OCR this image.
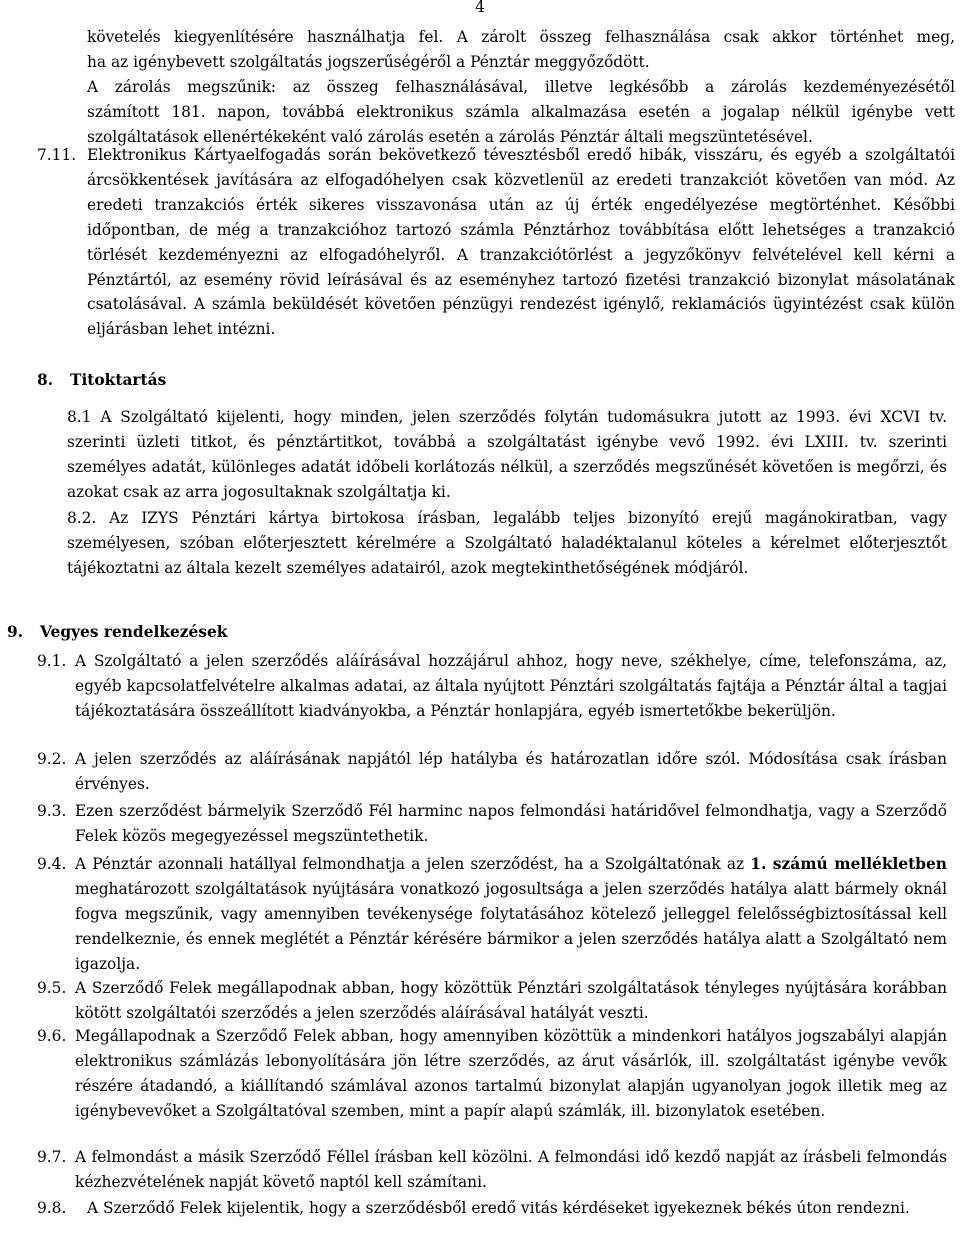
4
követelés kiegyenlítésére használhatja fel. A zárolt összeg felhasználása csak akkor történhet meg,
ha az igénybevett szolgáltatás jogszerűségéről a Pénztár meggyőződött.
A zárolás megszűnik: az összeg felhasználásával, illetve legkésőbb a zárolás kezdeményezésétől
számított 181. napon, továbbá elektronikus számla alkalmazása esetén a jogalap nélkül igénybe vett
szolgáltatások ellenértékeként való zárolás esetén a zárolás Pénztár általi megszüntetésével.
7.11. Elektronikus Kártyaelfogadás során bekövetkező tévesztésből eredő hibák, visszáru, és egyéb a szolgáltatói árcsökkentések javítására az elfogadóhelyen csak közvetlenül az eredeti tranzakciót követően van mód. Az eredeti tranzakciós érték sikeres visszavonása után az új érték engedélyezése megtörténhet. Későbbi időpontban, de még a tranzakcióhoz tartozó számla Pénztárhoz továbbítása előtt lehetséges a tranzakció törlését kezdeményezni az elfogadóhelyről. A tranzakciótörlést a jegyzőkönyv felvételével kell kérni a Pénztártól, az esemény rövid leírásával és az eseményhez tartozó fizetési tranzakció bizonylat másolatának csatolásával. A számla beküldését követően pénzügyi rendezést igénylő, reklamációs ügyintézést csak külön eljárásban lehet intézni.

8. Titoktartás

8.1 A Szolgáltató kijelenti, hogy minden, jelen szerződés folytán tudomásukra jutott az 1993. évi XCVI tv. szerinti üzleti titkot, és pénztártitkot, továbbá a szolgáltatást igénybe vevő 1992. évi LXIII. tv. szerinti személyes adatát, különleges adatát időbeli korlátozás nélkül, a szerződés megszűnését követően is megőrzi, és azokat csak az arra jogosultaknak szolgáltatja ki.

8.2. Az IZYS Pénztári kártya birtokosa írásban, legalább teljes bizonyító erejű magánokiratban, vagy személyesen, szóban előterjesztett kérelmére a Szolgáltató haladéktalanul köteles a kérelmet előterjesztőt tájékoztatni az általa kezelt személyes adatairól, azok megtekinthetőségének módjáról.

9. Vegyes rendelkezések
9.1. A Szolgáltató a jelen szerződés aláírásával hozzájárul ahhoz, hogy neve, székhelye, címe, telefonszáma, az, egyéb kapcsolatfelvételre alkalmas adatai, az általa nyújtott Pénztári szolgáltatás fajtája a Pénztár által a tagjai tájékoztatására összeállított kiadványokba, a Pénztár honlapjára, egyéb ismertetőkbe bekerüljön.

9.2. A jelen szerződés az aláírásának napjától lép hatályba és határozatlan időre szól. Módosítása csak írásban érvényes.

9.3. Ezen szerződést bármelyik Szerződő Fél harminc napos felmondási határidővel felmondhatja, vagy a Szerződő Felek közös megegyezéssel megszüntethetik.

9.4. A Pénztár azonnali hatállyal felmondhatja a jelen szerződést, ha a Szolgáltatónak az 1. számú mellékletben meghatározott szolgáltatások nyújtására vonatkozó jogosultsága a jelen szerződés hatálya alatt bármely oknál fogva megszűnik, vagy amennyiben tevékenysége folytatásához kötelező jelleggel felelősségbiztosítással kell rendelkeznie, és ennek meglétét a Pénztár kérésére bármikor a jelen szerződés hatálya alatt a Szolgáltató nem igazolja.

9.5. A Szerződő Felek megállapodnak abban, hogy közöttük Pénztári szolgáltatások tényleges nyújtására korábban kötött szolgáltatói szerződés a jelen szerződés aláírásával hatályát veszti.

9.6. Megállapodnak a Szerződő Felek abban, hogy amennyiben közöttük a mindenkori hatályos jogszabályi alapján elektronikus számlázás lebonyolítására jön létre szerződés, az árut vásárlók, ill. szolgáltatást igénybe vevők részére átadandó, a kiállítandó számlával azonos tartalmú bizonylat alapján ugyanolyan jogok illetik meg az igénybevevőket a Szolgáltatóval szemben, mint a papír alapú számlák, ill. bizonylatok esetében.

9.7. A felmondást a másik Szerződő Féllel írásban kell közölni. A felmondási idő kezdő napját az írásbeli felmondás kézhezvételének napját követő naptól kell számítani.

9.8. A Szerződő Felek kijelentik, hogy a szerződésből eredő vitás kérdéseket igyekeznek békés úton rendezni.
